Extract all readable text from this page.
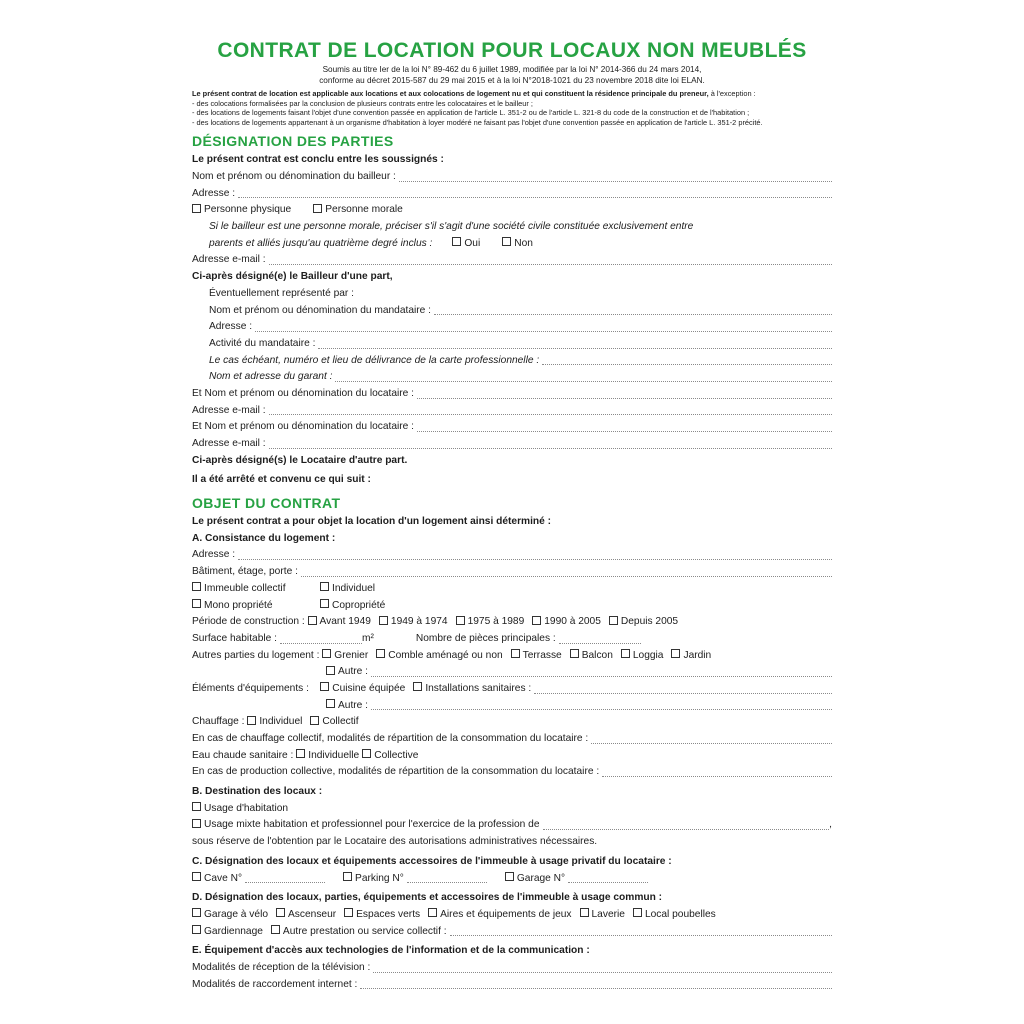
CONTRAT DE LOCATION POUR LOCAUX NON MEUBLÉS
Soumis au titre Ier de la loi N° 89-462 du 6 juillet 1989, modifiée par la loi N° 2014-366 du 24 mars 2014,
conforme au décret 2015-587 du 29 mai 2015 et à la loi N°2018-1021 du 23 novembre 2018 dite loi ELAN.
Le présent contrat de location est applicable aux locations et aux colocations de logement nu et qui constituent la résidence principale du preneur, à l'exception :
- des colocations formalisées par la conclusion de plusieurs contrats entre les colocataires et le bailleur ;
- des locations de logements faisant l'objet d'une convention passée en application de l'article L. 351-2 ou de l'article L. 321-8 du code de la construction et de l'habitation ;
- des locations de logements appartenant à un organisme d'habitation à loyer modéré ne faisant pas l'objet d'une convention passée en application de l'article L. 351-2 précité.
DÉSIGNATION DES PARTIES
Le présent contrat est conclu entre les soussignés :
Nom et prénom ou dénomination du bailleur :
Adresse :
Personne physique	Personne morale
Si le bailleur est une personne morale, préciser s'il s'agit d'une société civile constituée exclusivement entre
parents et alliés jusqu'au quatrième degré inclus :	Oui	Non
Adresse e-mail :
Ci-après désigné(e) le Bailleur d'une part,
Éventuellement représenté par :
Nom et prénom ou dénomination du mandataire :
Adresse :
Activité du mandataire :
Le cas échéant, numéro et lieu de délivrance de la carte professionnelle :
Nom et adresse du garant :
Et Nom et prénom ou dénomination du locataire :
Adresse e-mail :
Et Nom et prénom ou dénomination du locataire :
Adresse e-mail :
Ci-après désigné(s) le Locataire d'autre part.
Il a été arrêté et convenu ce qui suit :
OBJET DU CONTRAT
Le présent contrat a pour objet la location d'un logement ainsi déterminé :
A. Consistance du logement :
Adresse :
Bâtiment, étage, porte :
Immeuble collectif	Individuel
Mono propriété	Copropriété
Période de construction :
	Avant 1949	1949 à 1974	1975 à 1989	1990 à 2005	Depuis 2005
Surface habitable :	m²	Nombre de pièces principales :
Autres parties du logement :
	Grenier	Comble aménagé ou non	Terrasse	Balcon	Loggia	Jardin
Autre :
Éléments d'équipements :
	Cuisine équipée	Installations sanitaires :
Autre :
Chauffage :
	Individuel	Collectif
En cas de chauffage collectif, modalités de répartition de la consommation du locataire :
Eau chaude sanitaire :
	Individuelle	Collective
En cas de production collective, modalités de répartition de la consommation du locataire :
B. Destination des locaux :
Usage d'habitation
Usage mixte habitation et professionnel pour l'exercice de la profession de	,
sous réserve de l'obtention par le Locataire des autorisations administratives nécessaires.
C. Désignation des locaux et équipements accessoires de l'immeuble à usage privatif du locataire :
Cave N°	Parking N°	Garage N°
D. Désignation des locaux, parties, équipements et accessoires de l'immeuble à usage commun :
Garage à vélo	Ascenseur	Espaces verts	Aires et équipements de jeux	Laverie	Local poubelles
Gardiennage	Autre prestation ou service collectif :
E. Équipement d'accès aux technologies de l'information et de la communication :
Modalités de réception de la télévision :
Modalités de raccordement internet :
